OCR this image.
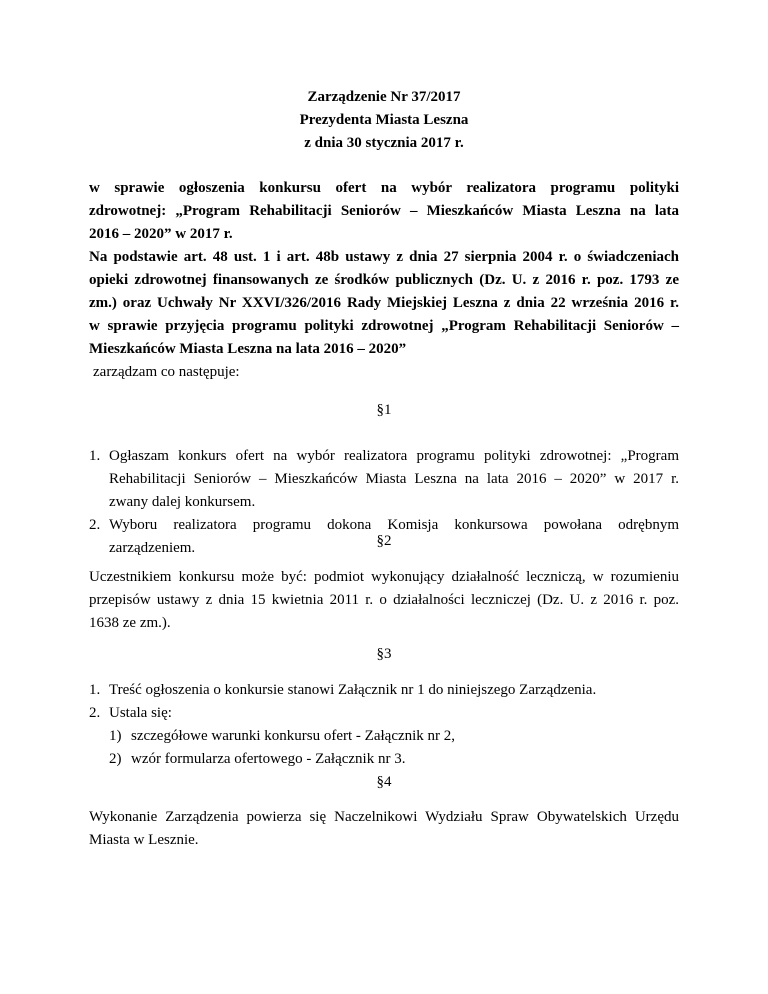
Zarządzenie Nr 37/2017
Prezydenta Miasta Leszna
z dnia 30 stycznia 2017 r.
w sprawie ogłoszenia konkursu ofert na wybór realizatora programu polityki
zdrowotnej: „Program Rehabilitacji Seniorów – Mieszkańców Miasta Leszna na lata
2016 – 2020” w 2017 r.
Na podstawie art. 48 ust. 1 i art. 48b ustawy z dnia 27 sierpnia 2004 r. o świadczeniach
opieki zdrowotnej finansowanych ze środków publicznych (Dz. U. z 2016 r. poz. 1793 ze
zm.) oraz Uchwały Nr XXVI/326/2016 Rady Miejskiej Leszna z dnia 22 września 2016 r.
w sprawie przyjęcia programu polityki zdrowotnej „Program Rehabilitacji Seniorów –
Mieszkańców Miasta Leszna na lata 2016 – 2020”
zarządzam co następuje:
§1
1. Ogłaszam konkurs ofert na wybór realizatora programu polityki zdrowotnej: „Program
Rehabilitacji Seniorów – Mieszkańców Miasta Leszna na lata 2016 – 2020” w 2017 r.
zwany dalej konkursem.
2. Wyboru realizatora programu dokona Komisja konkursowa powołana odrębnym
zarządzeniem.	§2
Uczestnikiem konkursu może być: podmiot wykonujący działalność leczniczą, w rozumieniu
przepisów ustawy z dnia 15 kwietnia 2011 r. o działalności leczniczej (Dz. U. z 2016 r. poz.
1638 ze zm.).
§3
1. Treść ogłoszenia o konkursie stanowi Załącznik nr 1 do niniejszego Zarządzenia.
2. Ustala się:
1) szczegółowe warunki konkursu ofert - Załącznik nr 2,
2) wzór formularza ofertowego - Załącznik nr 3.
§4
Wykonanie Zarządzenia powierza się Naczelnikowi Wydziału Spraw Obywatelskich Urzędu
Miasta w Lesznie.
